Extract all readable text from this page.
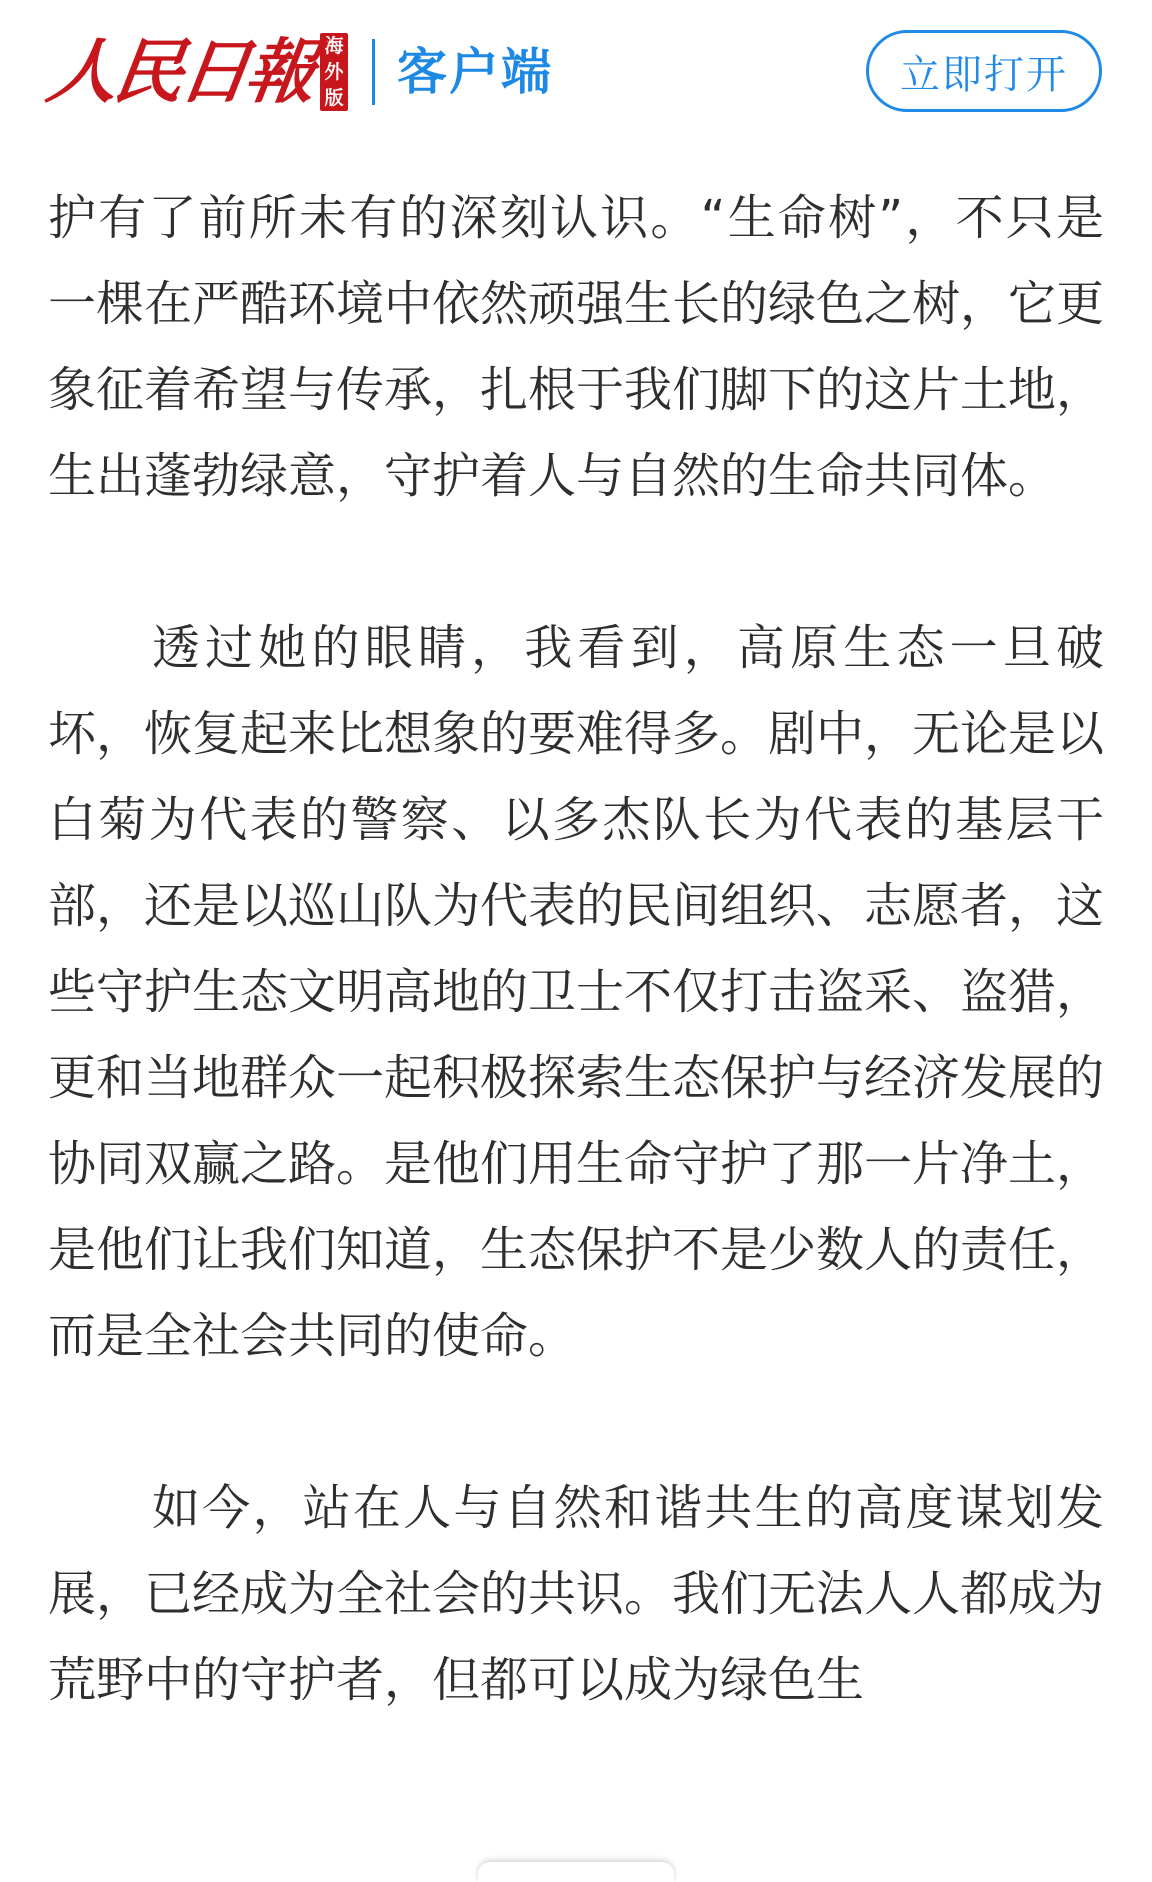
人民日報 海
外
版 客户端	立即打开

护有了前所未有的深刻认识。“生命树”，不只是一棵在严酷环境中依然顽强生长的绿色之树，它更象征着希望与传承，扎根于我们脚下的这片土地，生出蓬勃绿意，守护着人与自然的生命共同体。

透过她的眼睛，我看到，高原生态一旦破坏，恢复起来比想象的要难得多。剧中，无论是以白菊为代表的警察、以多杰队长为代表的基层干部，还是以巡山队为代表的民间组织、志愿者，这些守护生态文明高地的卫士不仅打击盗采、盗猎，更和当地群众一起积极探索生态保护与经济发展的协同双赢之路。是他们用生命守护了那一片净土，是他们让我们知道，生态保护不是少数人的责任，而是全社会共同的使命。

如今，站在人与自然和谐共生的高度谋划发展，已经成为全社会的共识。我们无法人人都成为荒野中的守护者，但都可以成为绿色生
